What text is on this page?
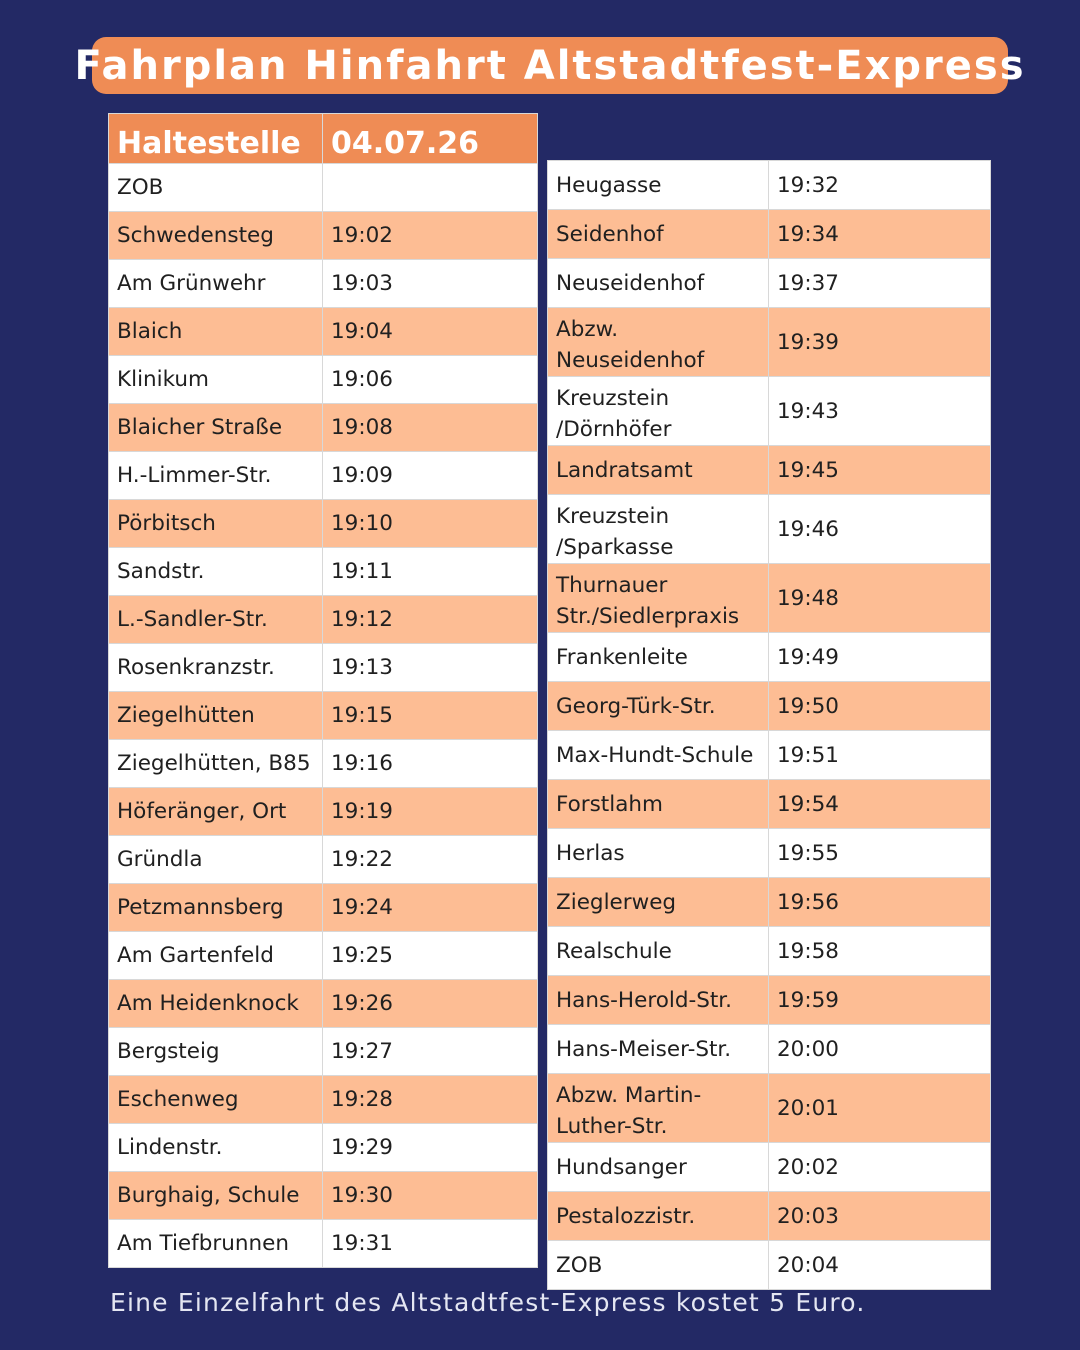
Fahrplan Hinfahrt Altstadtfest-Express
Haltestelle	04.07.26
ZOB	
Schwedensteg	19:02
Am Grünwehr	19:03
Blaich	19:04
Klinikum	19:06
Blaicher Straße	19:08
H.-Limmer-Str.	19:09
Pörbitsch	19:10
Sandstr.	19:11
L.-Sandler-Str.	19:12
Rosenkranzstr.	19:13
Ziegelhütten	19:15
Ziegelhütten, B85	19:16
Höferänger, Ort	19:19
Gründla	19:22
Petzmannsberg	19:24
Am Gartenfeld	19:25
Am Heidenknock	19:26
Bergsteig	19:27
Eschenweg	19:28
Lindenstr.	19:29
Burghaig, Schule	19:30
Am Tiefbrunnen	19:31
Heugasse	19:32
Seidenhof	19:34
Neuseidenhof	19:37
Abzw. Neuseidenhof	19:39
Kreuzstein /Dörnhöfer	19:43
Landratsamt	19:45
Kreuzstein /Sparkasse	19:46
Thurnauer Str./Siedlerpraxis	19:48
Frankenleite	19:49
Georg-Türk-Str.	19:50
Max-Hundt-Schule	19:51
Forstlahm	19:54
Herlas	19:55
Zieglerweg	19:56
Realschule	19:58
Hans-Herold-Str.	19:59
Hans-Meiser-Str.	20:00
Abzw. Martin-Luther-Str.	20:01
Hundsanger	20:02
Pestalozzistr.	20:03
ZOB	20:04
Eine Einzelfahrt des Altstadtfest-Express kostet 5 Euro.
